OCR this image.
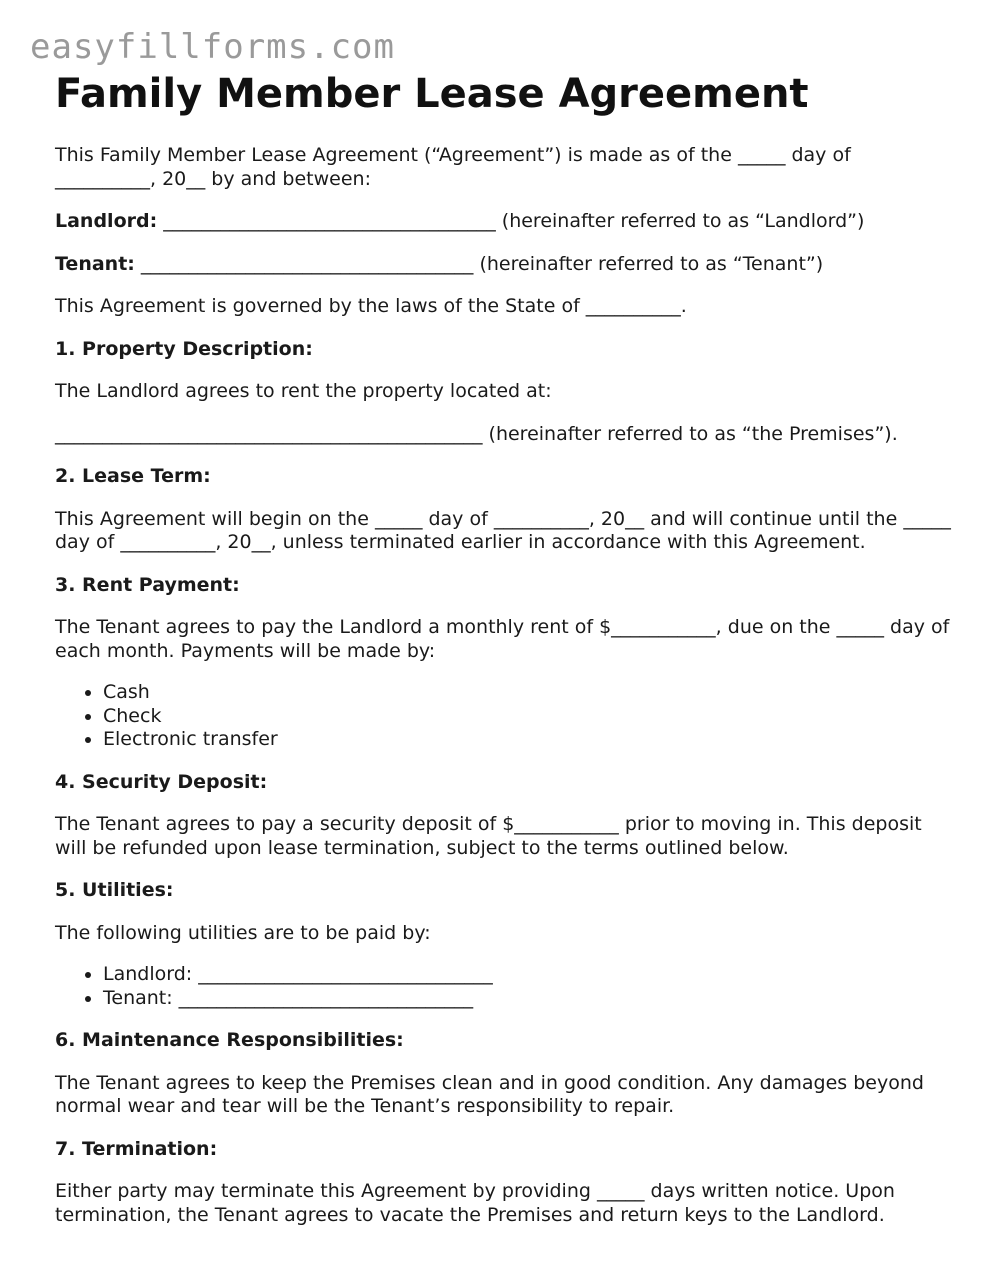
easyfillforms.com
Family Member Lease Agreement

This Family Member Lease Agreement (“Agreement”) is made as of the _____ day of __________, 20__ by and between:

Landlord: ___________________________________ (hereinafter referred to as “Landlord”)

Tenant: ___________________________________ (hereinafter referred to as “Tenant”)

This Agreement is governed by the laws of the State of __________.

1. Property Description:

The Landlord agrees to rent the property located at:

_____________________________________________ (hereinafter referred to as “the Premises”).

2. Lease Term:

This Agreement will begin on the _____ day of __________, 20__ and will continue until the _____ day of __________, 20__, unless terminated earlier in accordance with this Agreement.

3. Rent Payment:

The Tenant agrees to pay the Landlord a monthly rent of $___________, due on the _____ day of each month. Payments will be made by:

• Cash
• Check
• Electronic transfer

4. Security Deposit:

The Tenant agrees to pay a security deposit of $___________ prior to moving in. This deposit will be refunded upon lease termination, subject to the terms outlined below.

5. Utilities:

The following utilities are to be paid by:

• Landlord: _______________________________
• Tenant: _______________________________

6. Maintenance Responsibilities:

The Tenant agrees to keep the Premises clean and in good condition. Any damages beyond normal wear and tear will be the Tenant’s responsibility to repair.

7. Termination:

Either party may terminate this Agreement by providing _____ days written notice. Upon termination, the Tenant agrees to vacate the Premises and return keys to the Landlord.
